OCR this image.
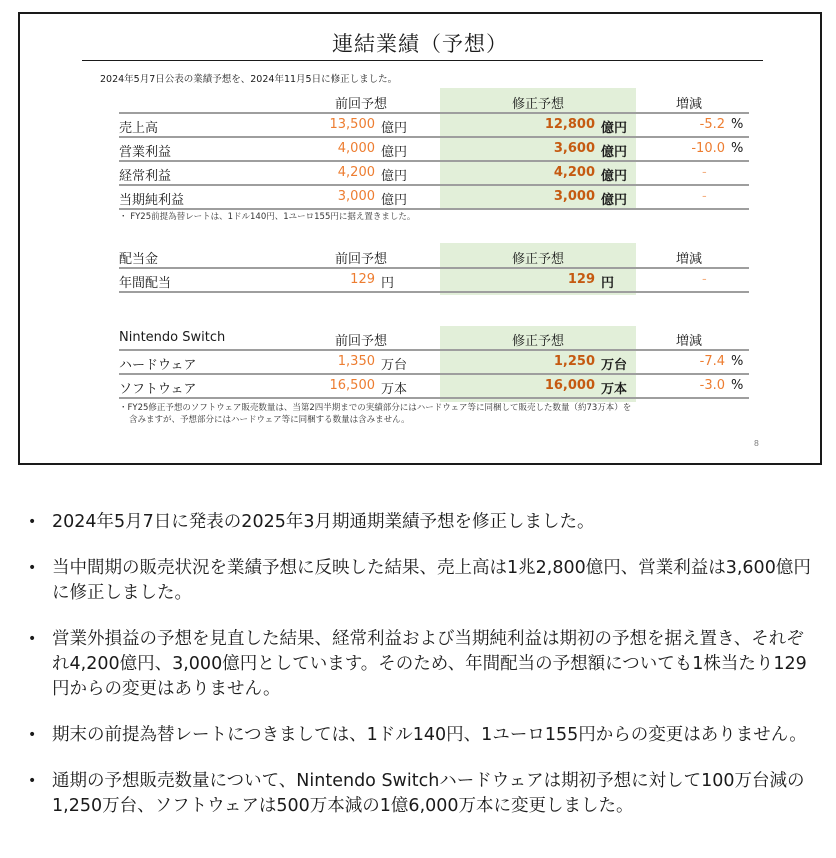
連結業績（予想）
2024年5月7日公表の業績予想を、2024年11月5日に修正しました。
前回予想	修正予想	増減
売上高	13,500 億円	12,800 億円	-5.2 %
営業利益	4,000 億円	3,600 億円	-10.0 %
経常利益	4,200 億円	4,200 億円	-
当期純利益	3,000 億円	3,000 億円	-
・ FY25前提為替レートは、1ドル140円、1ユーロ155円に据え置きました。
配当金	前回予想	修正予想	増減
年間配当	129 円	129 円	-
Nintendo Switch	前回予想	修正予想	増減
ハードウェア	1,350 万台	1,250 万台	-7.4 %
ソフトウェア	16,500 万本	16,000 万本	-3.0 %
・FY25修正予想のソフトウェア販売数量は、当第2四半期までの実績部分にはハードウェア等に同梱して販売した数量（約73万本）を
含みますが、予想部分にはハードウェア等に同梱する数量は含みません。
8
• 2024年5月7日に発表の2025年3月期通期業績予想を修正しました。
• 当中間期の販売状況を業績予想に反映した結果、売上高は1兆2,800億円、営業利益は3,600億円に修正しました。
• 営業外損益の予想を見直した結果、経常利益および当期純利益は期初の予想を据え置き、それぞれ4,200億円、3,000億円としています。そのため、年間配当の予想額についても1株当たり129円からの変更はありません。
• 期末の前提為替レートにつきましては、1ドル140円、1ユーロ155円からの変更はありません。
• 通期の予想販売数量について、Nintendo Switchハードウェアは期初予想に対して100万台減の1,250万台、ソフトウェアは500万本減の1億6,000万本に変更しました。
